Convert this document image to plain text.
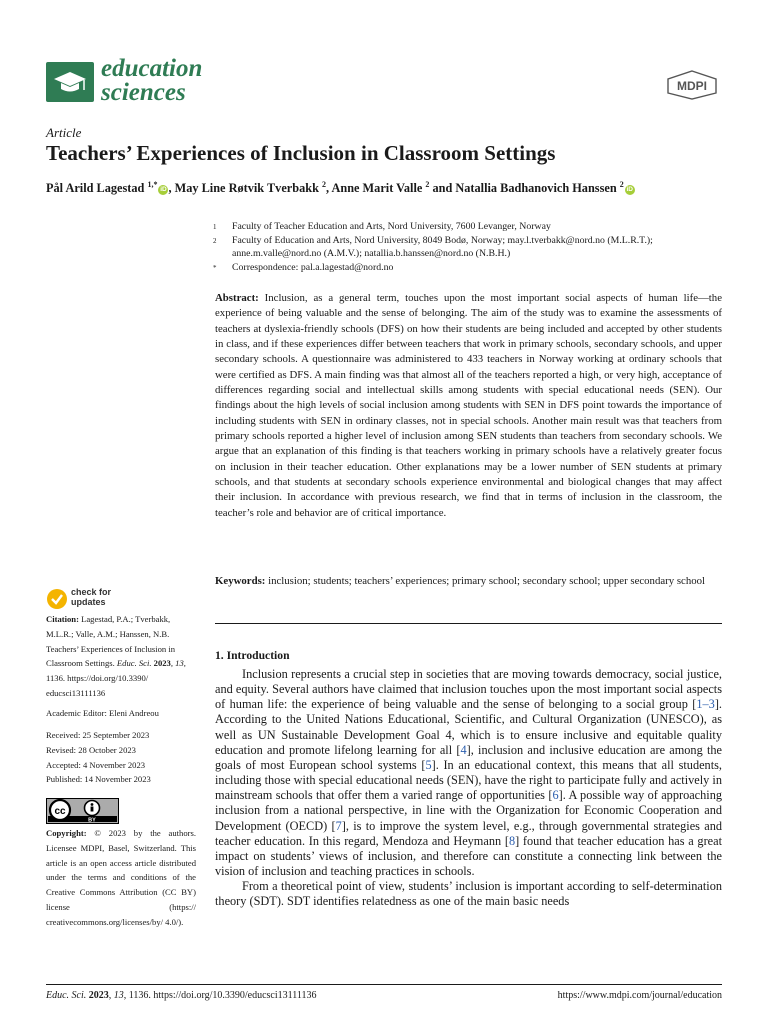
education
sciences	MDPI
Article
Teachers’ Experiences of Inclusion in Classroom Settings
Pål Arild Lagestad $^{1,*}$iD , May Line Røtvik Tverbakk $^2$, Anne Marit Valle $^2$ and Natallia Badhanovich Hanssen $^2$iD
1 Faculty of Teacher Education and Arts, Nord University, 7600 Levanger, Norway
2 Faculty of Education and Arts, Nord University, 8049 Bodø, Norway; may.l.tverbakk@nord.no (M.L.R.T.); anne.m.valle@nord.no (A.M.V.); natallia.b.hanssen@nord.no (N.B.H.)
* Correspondence: pal.a.lagestad@nord.no
Abstract: Inclusion, as a general term, touches upon the most important social aspects of human life—the experience of being valuable and the sense of belonging. The aim of the study was to examine the assessments of teachers at dyslexia-friendly schools (DFS) on how their students are being included and accepted by other students in class, and if these experiences differ between teachers that work in primary schools, secondary schools, and upper secondary schools. A questionnaire was administered to 433 teachers in Norway working at ordinary schools that were certified as DFS. A main finding was that almost all of the teachers reported a high, or very high, acceptance of differences regarding social and intellectual skills among students with special educational needs (SEN). Our findings about the high levels of social inclusion among students with SEN in DFS point towards the importance of including students with SEN in ordinary classes, not in special schools. Another main result was that teachers from primary schools reported a higher level of inclusion among SEN students than teachers from secondary schools. We argue that an explanation of this finding is that teachers working in primary schools have a relatively greater focus on inclusion in their teacher education. Other explanations may be a lower number of SEN students at primary schools, and that students at secondary schools experience environmental and biological changes that may affect their inclusion. In accordance with previous research, we find that in terms of inclusion in the classroom, the teacher’s role and behavior are of critical importance.
Keywords: inclusion; students; teachers’ experiences; primary school; secondary school; upper secondary school
check for
updates
Citation: Lagestad, P.A.; Tverbakk, M.L.R.; Valle, A.M.; Hanssen, N.B. Teachers’ Experiences of Inclusion in Classroom Settings. Educ. Sci. 2023, 13, 1136. https://doi.org/10.3390/ educsci13111136
Academic Editor: Eleni Andreou
Received: 25 September 2023
Revised: 28 October 2023
Accepted: 4 November 2023
Published: 14 November 2023
cc
BY
Copyright: © 2023 by the authors. Licensee MDPI, Basel, Switzerland. This article is an open access article distributed under the terms and conditions of the Creative Commons Attribution (CC BY) license (https:// creativecommons.org/licenses/by/ 4.0/).
1. Introduction

Inclusion represents a crucial step in societies that are moving towards democracy, social justice, and equity. Several authors have claimed that inclusion touches upon the most important social aspects of human life: the experience of being valuable and the sense of belonging to a social group [1–3]. According to the United Nations Educational, Scientific, and Cultural Organization (UNESCO), as well as UN Sustainable Development Goal 4, which is to ensure inclusive and equitable quality education and promote lifelong learning for all [4], inclusion and inclusive education are among the goals of most European school systems [5]. In an educational context, this means that all students, including those with special educational needs (SEN), have the right to participate fully and actively in mainstream schools that offer them a varied range of opportunities [6]. A possible way of approaching inclusion from a national perspective, in line with the Organization for Economic Cooperation and Development (OECD) [7], is to improve the system level, e.g., through governmental strategies and teacher education. In this regard, Mendoza and Heymann [8] found that teacher education has a great impact on students’ views of inclusion, and therefore can constitute a connecting link between the vision of inclusion and teaching practices in schools.

From a theoretical point of view, students’ inclusion is important according to self-determination theory (SDT). SDT identifies relatedness as one of the main basic needs

Educ. Sci. 2023, 13, 1136. https://doi.org/10.3390/educsci13111136	https://www.mdpi.com/journal/education
